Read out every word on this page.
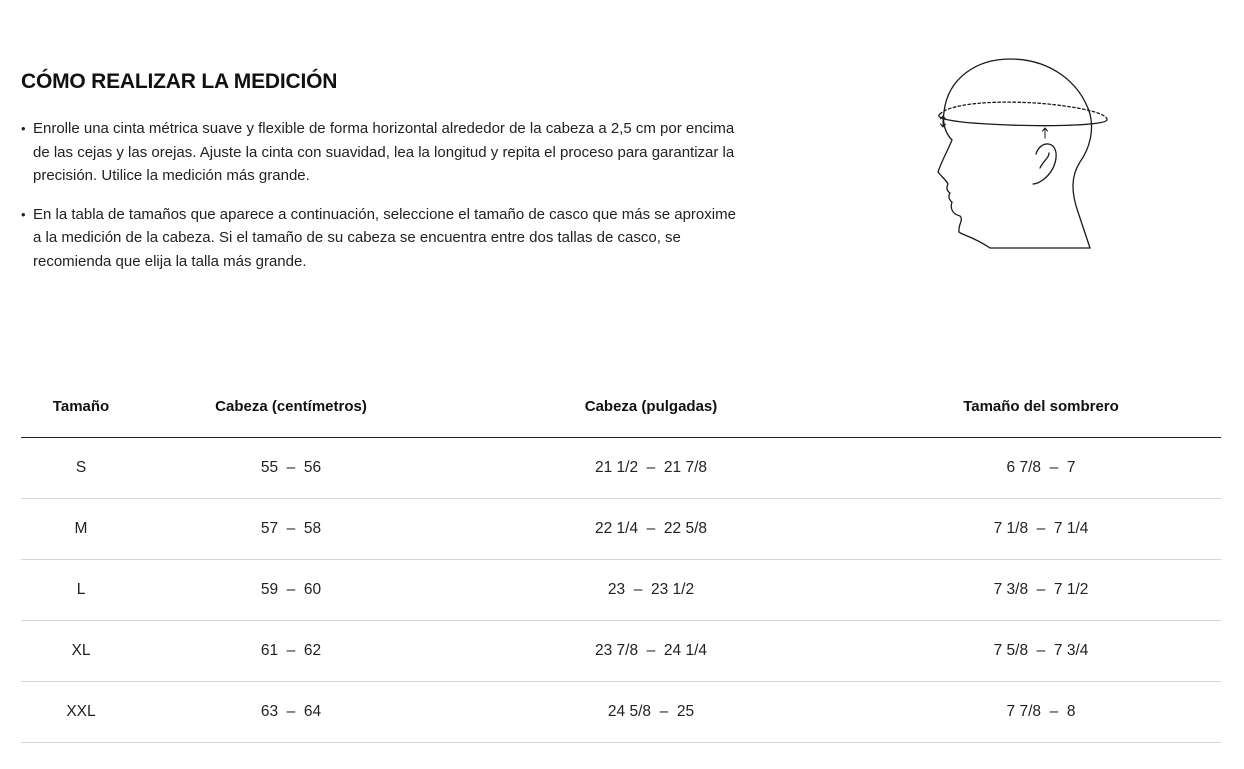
CÓMO REALIZAR LA MEDICIÓN
• Enrolle una cinta métrica suave y flexible de forma horizontal alrededor de la cabeza a 2,5 cm por encima de las cejas y las orejas. Ajuste la cinta con suavidad, lea la longitud y repita el proceso para garantizar la precisión. Utilice la medición más grande.
• En la tabla de tamaños que aparece a continuación, seleccione el tamaño de casco que más se aproxime a la medición de la cabeza. Si el tamaño de su cabeza se encuentra entre dos tallas de casco, se recomienda que elija la talla más grande.
Tamaño	Cabeza (centímetros)	Cabeza (pulgadas)	Tamaño del sombrero
S	55  –  56	21 1/2  –  21 7/8	6 7/8  –  7
M	57  –  58	22 1/4  –  22 5/8	7 1/8  –  7 1/4
L	59  –  60	23  –  23 1/2	7 3/8  –  7 1/2
XL	61  –  62	23 7/8  –  24 1/4	7 5/8  –  7 3/4
XXL	63  –  64	24 5/8  –  25	7 7/8  –  8
